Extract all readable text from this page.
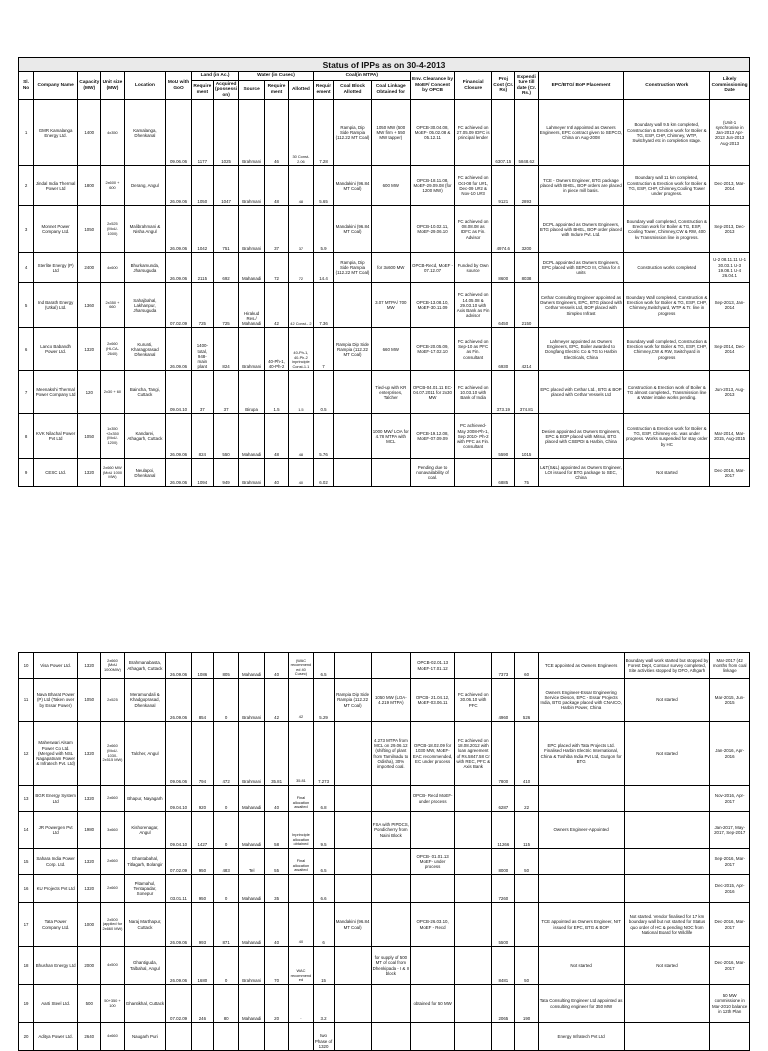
Status of IPPs as on 30-4-2013																				
Sl. No	Company Name	Capacity (MW)	Unit size (MW)	Location	MoU with GoO	Land (in Ac.)		Water (in Cusec)			Coal(in MTPA)			Env. Clearance by MoEF/ Concent by OPCB	Financial Closure	Proj Cost (Cr. Rs)	Expenditure till date (Cr. Rs.)	EPC/BTG/ BoP Placement	Construction Work	Likely Commissioning Date
						Require ment	Acquired (possessi on)	Source	Require ment	Allotted	Requir ement	Coal Block Allotted	Coal Linkage Obtained for							
1	GMR Kamalanga Energy Ltd.	1400	4x350	Kamalanga, Dhenkanal	09.06.06	1177	1025	Brahmani	46	30 Const- 2.06	7.28	Rampia, Dip Side Rampia (112.22 MT Coal)	1050 MW (500 MW firm + 550 MW tapper)	OPCB-30.04.08, MoEF- 05.02.08 & 05.12.11	FC achieved on 27.05.09 IDFC is principal lender	6307.15	5848.62	Lahmeyer Intl appointed as Owners Engineers, EPC contract given to SEPCO, China on Aug-2008	Boundary wall 9.5 km completed, Construction & Erection work for Boiler & TG, ESP, CHP, Chimney, WTP, Switchyard etc in completion stage.	(Unit-1 synchronise in Jan-2013 Apr-2013 Jun-2013 Aug-2013
2	Jindal India Thermal Power Ltd	1800	2x600 + 600	Derang, Angul	26.09.06	1050	1047	Brahmani	48	48	5.65	Mandakini (96.84 MT Coal)	600 MW	OPCB-18.11.08, MoEF-29.09.08 (for 1200 MW)	FC achieved on Oct-08 for U#1, Dec-09 U#2 & Nov-10 U#3	9121	2893	TCE - Owners Engineer, BTG package placed with BHEL, BOP orders are placed in piece mill basis.	Boundary wall 11 km completed, Construction & Erection work for Boiler & TG, ESP, CHP, Chimney,Cooling Tower under progress.	Dec-2013, Mar-2014
3	Monnet Power Company Ltd.	1050	2x525 (MoU-1000)	Malibrahmani & Nisha Angul	26.09.06	1042	751	Brahmani	37	37	5.9	Mandakini (96.84 MT Coal)		OPCB-10.02.11, MoEF-29.06.10	FC achieved on 08.08.08 as IDFC as Fin. Advisor	4974.6	3200	DCPL appointed as Owners Engineers, BTG placed with BHEL, BOP order placed with Indure Pvt. Ltd.	Boundary wall completed, Construction & Erection work for Boiler & TG, ESP, Cooling Tower, Chimney,CW & RW, 400 kv Transmission line in progress.	Sep-2013, Dec-2013
4	Sterlite Energy (P) Ltd	2400	4x600	Bhurkamunda, Jharsuguda	26.09.06	2115	692	Mahanadi	72	72	14.4	Rampia, Dip Side Rampia (112.22 MT Coal)	for 3x600 MW	OPCB-Recd, MoEF - 07.12.07	Funded by Own source	8600	8038	DCPL appointed as Owners Engineers, EPC placed with SEPCO III, China for 4 units	Construction works completed	U-2 08.11.11 U-1 30.03.1 U-3 19.08.1 U-4 26.04.1
5	Ind Barath Energy (Utkal) Ltd.	1360	2x350 + 660	Sahajbahal, Lakhanpur, Jharsuguda	07.02.09	725	725	Hirakud Res./ Mahanadi	42	42 Const.- 2	7.36		3.07 MTPA/ 700 MW	OPCB-13.08.10, MoEF-30.11.09	FC achieved on 14.05.08 & 29.03.10 with Axis Bank as Fin advisor	6450	2150	Cethar Consulting Engineer appointed as Owners Engineers, EPC, BTG placed with Cethar Vessels Ltd, BOP placed with Simplex Infrast	Boundary Wall completed, Construction & Erection work for Boiler & TG, ESP, CHP, Chimney,Switchyard, WTP & Tr. line in progress	Sep-2013, Jan-2014
6	Lanco Babandh Power Ltd.	1320	2x660 (HLCA-2640)	Kurunti, Kharagprasad Dhenkanal	26.09.06	1400- total, 948- main plant	824	Brahmani	40-Ph-1, 40-Ph-2	40-Ph-1, 40-Ph-2 inprinciple Const-1.1	7	Rampia Dip Side Rampia (112.22 MT Coal)	660 MW	OPCB-20.05.09, MoEF-17.02.10	FC achieved on Sep-10 as PFC as Fin. consultant	6930	4214	Lahmeyer appointed as Owners Engineers, EPC, Boiler awarded to Dongfang Electric Co & TG to Harbin Electricals, China	Boundary wall completed, Construction & Erection work for Boiler & TG, ESP, CHP, Chimney,CW & RW, Switchyard in progress	Sep-2014, Dec-2014
7	Meenakshi Thermal Power Company Ltd	120	2x30 + 60	Baincha, Tangi, Cuttack	09.04.10	37	37	Birupa	1.5	1.5	0.5		Tied-up with KR enterprises, Talcher	OPCB-04.01.11 EC- 04.07.2011 for 2x30 MW	FC achieved on 10.03.10 with Bank of India	373.19	374.81	EPC placed with Cethar Ltd., BTG & BOP placed with Cethar Vessels Ltd	Construction & Erection work of Boiler & TG almost completed., Transmission line & Water intake works pending.	Jun-2013, Aug-2013
8	KVK Nilachal Power Pvt Ltd	1050	1x350 +2x350 (MoU-1200)	Kandarei, Athagarh, Cuttack	26.09.06	824	550	Mahanadi	48	48	5.76		1000 MW/ LOA for 4.78 MTPA with MCL	OPCB-19.12.08, MoEF-07.09.09	PC achieved- May 2008-Ph-1, Sep 2010- Ph-2 with PFC as Fin. consultant	5590	1015	Desien appointed as Owners Engineers, EPC & BOP placed with Mitsui, BTG placed with CSEPDI & Harbin, China	Construction & Erection work for Boiler & TG, ESP, Chimney etc. was under progress. Works suspended for stay order by HC	Mar-2014, Mar-2015, Aug-2015
9	CESC Ltd.	1320	2x660 MW (MoU 1000 MW)	Neulapoi, Dhenkanal	26.09.06	1094	949	Brahmani	40	40	6.02			Pending due to nonavailability of coal.		6885	75	L&T(S&L) appointed as Owners Engineer, LOI issued for BTG package to SEC, China	Not started	Dec-2016, Mar-2017
10	Visa Power Ltd.	1320	2x660 (MoU 1000MW)	Brahmanabasta, Athagarh, Cuttack	26.09.06	1086	805	Mahanadi	40	(WAC recommended 40 Cusec)	6.5			OPCB-02.01.13 MoEF-17.01.12		7373	60	TCE appointed as Owners Engineers	Boundary wall work started but stopped by Forest Dept, Contour survey completed, Site activities stopped by DFO, Athgarh	Mar-2017 (42 months from coal linkage
11	Nava Bharat Power (P) Ltd (Taken over by Essar Power)	1050	2x525	Meramundali & Khadgoprasad, Dhenkanal	26.09.06	854	0	Brahmani	42	42	5.29	Rampia Dip Side Rampia (112.22 MT Coal)	1050 MW (LOA-4.219 MTPA)	OPCB- 21.04.12, MoEF-03.06.11	FC achieved on 30.06.10 with PFC	4960	526	Owners Engineer-Essar Engineering Service Dieson, EPC - Essar Projects India, BTG package placed with CNAICO, Harbin Power, China	Not started	Mar-2015, Jun-2015
12	Maheswari Alsam Power Co Ltd. (Merged with NSL Nagapatnam Power & Infratech Pvt. Ltd)	1320	2x660 (MoU-1030-2x515 MW)	Talcher, Angul	09.06.06	794	472	Brahmani	35.81	35.81	7.273		4.273 MTPA from MCL on 29.06.12 (shifting of plant from Tamilnadu to Odisha), 30% imported coal.	OPCB-18.02.09 for 1030 MW, MoEF- EAC recommended, EC under process	FC achieved on 18.08.2012 with loan agreement of Rs.5847.58 Cr with REC, PFC & Axis Bank	7800	410	EPC placed with Tata Projects Ltd. Finalised Harbin Electric International, China & Toshiba India Pvt Ltd, Gurgon for BTG	Not started	Jan-2016, Apr-2016
13	BGR Energy System Ltd	1320	2x660	Bhapur, Nayagarh	09.04.10	920	0	Mahanadi	40	Final allocation awaited	6.8			OPCB- Recd MoEF- under process		6287	22			Nov-2016, Apr-2017
14	JR Powergen Pvt Ltd	1980	3x660	Kishorenagar, Angul	09.04.10	1427	0	Mahanadi	58	Inprinciple allocation obtained	9.5		FSA with PIPDCS, Pondicherry from Naini Block			11266	115	Owners Engineer-Appointed		Jan-2017, May-2017, Sep-2017
15	Sahara India Power Corp. Ltd.	1320	2x660	Ghantabahal, Titlagarh, Bolangir	07.02.09	950	483	Tel	55	Final allocation awaited	6.5			OPCB- 01.01.13 MoEF- under process		8000	50			Sep-2016, Mar-2017
16	KU Projects Pvt Ltd	1320	2x660	Pitamahul, Tentapadar, Sonepur	03.01.11	950	0	Mahanadi	35		6.6					7260				Dec-2015, Apr-2016
17	Tata Power Company Ltd.	1000	2x500 (applied for 2x660 MW)	Naraj Marthapur, Cuttack	26.09.06	993	871	Mahanadi	40	40	6	Mandakini (96.84 MT Coal)		OPCB-26.03.10, MoEF - Recd		5500		TCE appointed as Owners Engineer, NIT issued for EPC, BTG & BOP	Not started. Vendor finalised for 17 km boundary wall but not started for Status quo order of HC & pending NOC from National Board for Wildlife	Dec-2016, Mar-2017
18	Bhushan Energy Ltd	2000	4x500	Ghantiguda, Talbahal, Angul	26.09.06	1680	0	Brahmani	70	WAC recommended	15		for supply of 500 MT of coal from Dhenkipada - I & II block			8481	50	Not started	Not started	Dec-2016, Mar-2017
19	Aarti Steel Ltd.	500	50+350 + 100	Ghantikhal, Cuttack	07.02.09	246	80	Mahanadi	20	-	3.2			obtained for 50 MW		2065	190	Tata Consulting Engineer Ltd appointed as consulting engineer for 350 MW		50 MW commissione in Mar-2010 balance in 12th Plan
20	Aditya Power Ltd.	2640	4x660	Naugarh Puri							two Phase of 1320							Energy Infratech Pvt Ltd		
